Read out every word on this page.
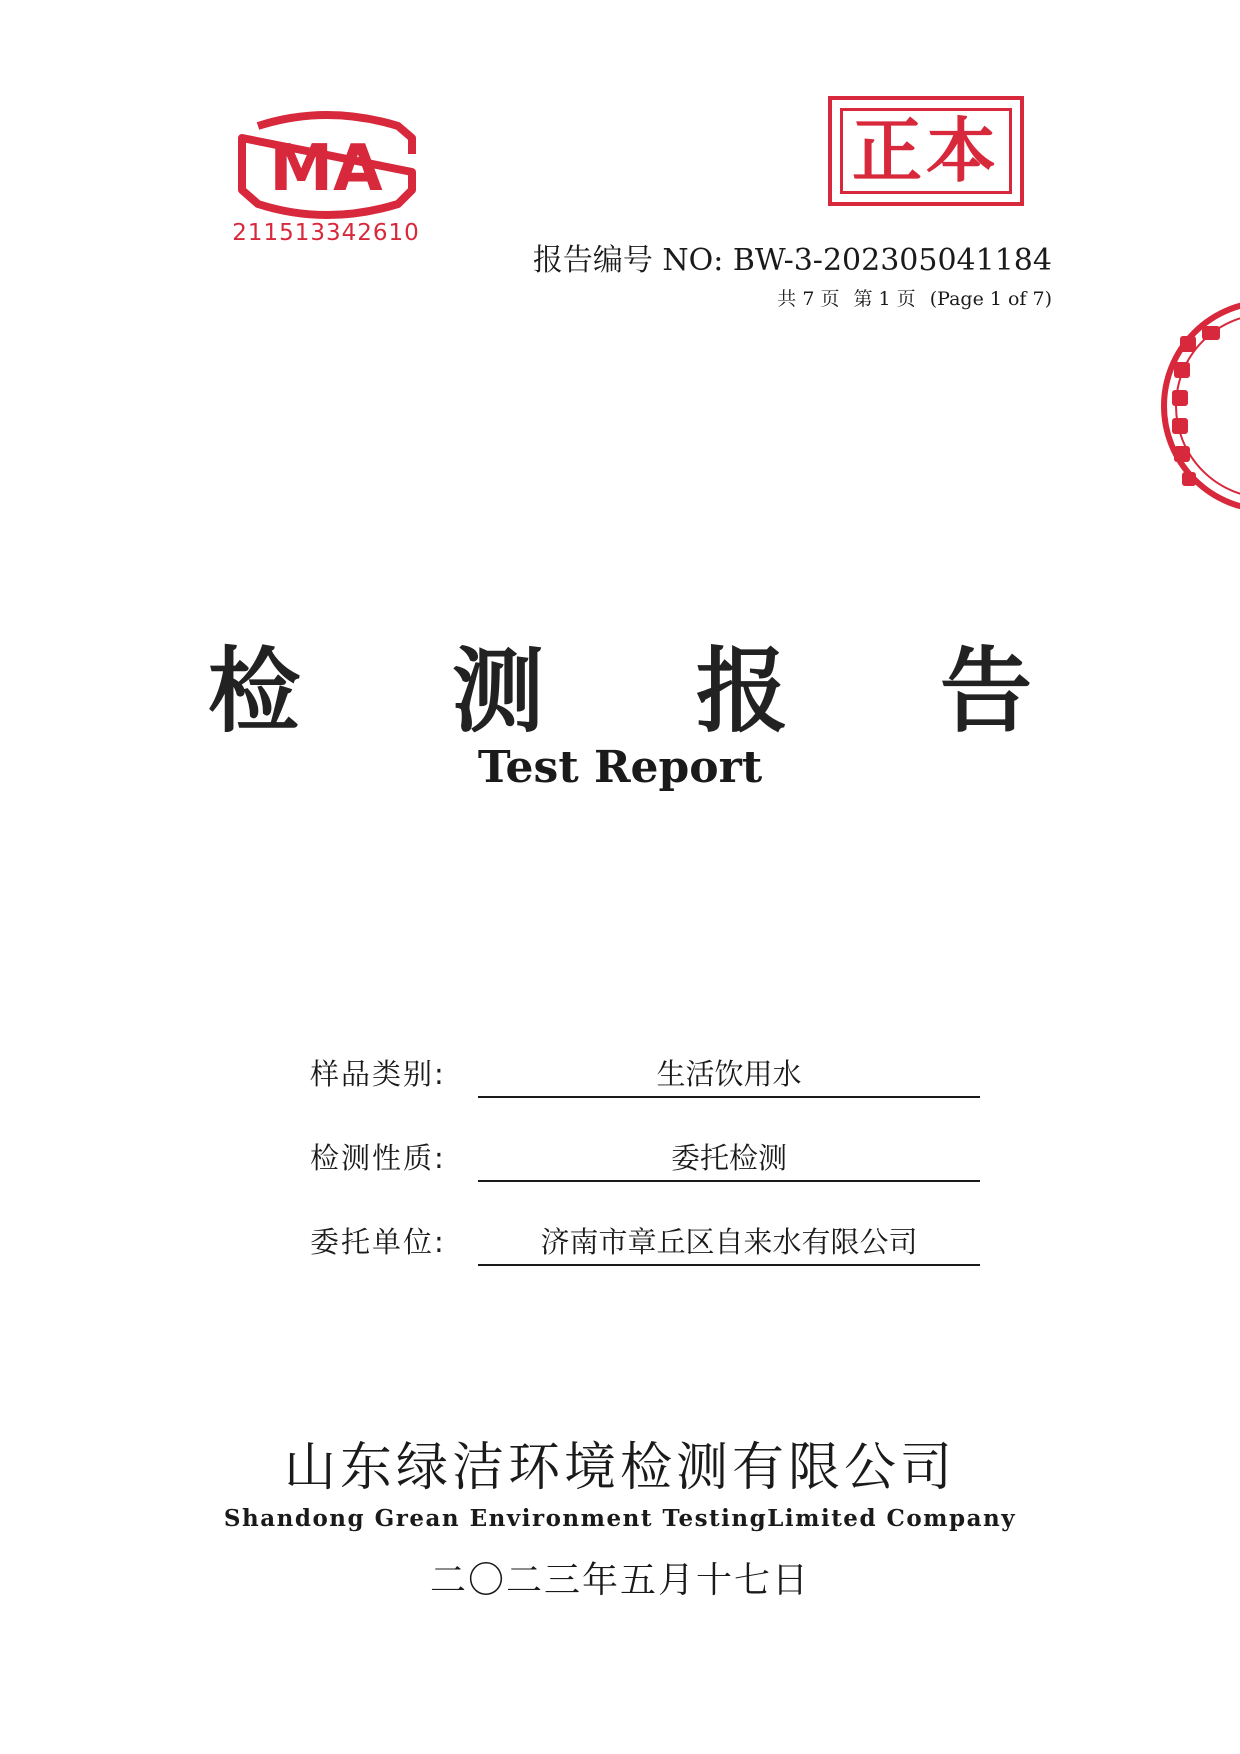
MA
211513342610
正本
报告编号 NO: BW-3-202305041184
共 7 页 第 1 页 (Page 1 of 7)
检 测 报 告
Test Report
样品类别:	生活饮用水
检测性质:	委托检测
委托单位:	济南市章丘区自来水有限公司
山东绿洁环境检测有限公司
Shandong Grean Environment TestingLimited Company
二〇二三年五月十七日
